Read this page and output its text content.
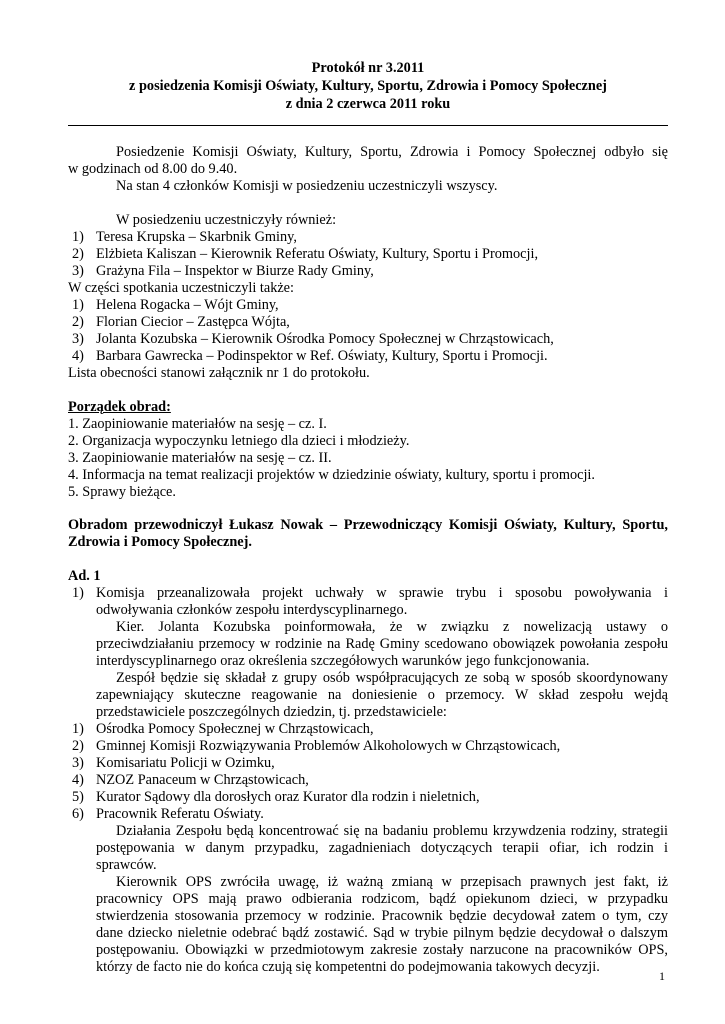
Protokół nr 3.2011
z posiedzenia Komisji Oświaty, Kultury, Sportu, Zdrowia i Pomocy Społecznej
z dnia 2 czerwca 2011 roku
Posiedzenie Komisji Oświaty, Kultury, Sportu, Zdrowia i Pomocy Społecznej odbyło się
w godzinach od 8.00 do 9.40.
Na stan 4 członków Komisji w posiedzeniu uczestniczyli wszyscy.
W posiedzeniu uczestniczyły również:
1) Teresa Krupska – Skarbnik Gminy,
2) Elżbieta Kaliszan – Kierownik Referatu Oświaty, Kultury, Sportu i Promocji,
3) Grażyna Fila – Inspektor w Biurze Rady Gminy,
W części spotkania uczestniczyli także:
1) Helena Rogacka – Wójt Gminy,
2) Florian Ciecior – Zastępca Wójta,
3) Jolanta Kozubska – Kierownik Ośrodka Pomocy Społecznej w Chrząstowicach,
4) Barbara Gawrecka – Podinspektor w Ref. Oświaty, Kultury, Sportu i Promocji.
Lista obecności stanowi załącznik nr 1 do protokołu.
Porządek obrad:
1. Zaopiniowanie materiałów na sesję – cz. I.
2. Organizacja wypoczynku letniego dla dzieci i młodzieży.
3. Zaopiniowanie materiałów na sesję – cz. II.
4. Informacja na temat realizacji projektów w dziedzinie oświaty, kultury, sportu i promocji.
5. Sprawy bieżące.
Obradom przewodniczył Łukasz Nowak – Przewodniczący Komisji Oświaty, Kultury, Sportu,
Zdrowia i Pomocy Społecznej.
Ad. 1
1) Komisja przeanalizowała projekt uchwały w sprawie trybu i sposobu powoływania i
odwoływania członków zespołu interdyscyplinarnego.
Kier. Jolanta Kozubska poinformowała, że w związku z nowelizacją ustawy o
przeciwdziałaniu przemocy w rodzinie na Radę Gminy scedowano obowiązek powołania zespołu
interdyscyplinarnego oraz określenia szczegółowych warunków jego funkcjonowania.
Zespół będzie się składał z grupy osób współpracujących ze sobą w sposób skoordynowany
zapewniający skuteczne reagowanie na doniesienie o przemocy. W skład zespołu wejdą
przedstawiciele poszczególnych dziedzin, tj. przedstawiciele:
1) Ośrodka Pomocy Społecznej w Chrząstowicach,
2) Gminnej Komisji Rozwiązywania Problemów Alkoholowych w Chrząstowicach,
3) Komisariatu Policji w Ozimku,
4) NZOZ Panaceum w Chrząstowicach,
5) Kurator Sądowy dla dorosłych oraz Kurator dla rodzin i nieletnich,
6) Pracownik Referatu Oświaty.
Działania Zespołu będą koncentrować się na badaniu problemu krzywdzenia rodziny, strategii
postępowania w danym przypadku, zagadnieniach dotyczących terapii ofiar, ich rodzin i
sprawców.
Kierownik OPS zwróciła uwagę, iż ważną zmianą w przepisach prawnych jest fakt, iż
pracownicy OPS mają prawo odbierania rodzicom, bądź opiekunom dzieci, w przypadku
stwierdzenia stosowania przemocy w rodzinie. Pracownik będzie decydował zatem o tym, czy
dane dziecko nieletnie odebrać bądź zostawić. Sąd w trybie pilnym będzie decydował o dalszym
postępowaniu. Obowiązki w przedmiotowym zakresie zostały narzucone na pracowników OPS,
którzy de facto nie do końca czują się kompetentni do podejmowania takowych decyzji.
1
